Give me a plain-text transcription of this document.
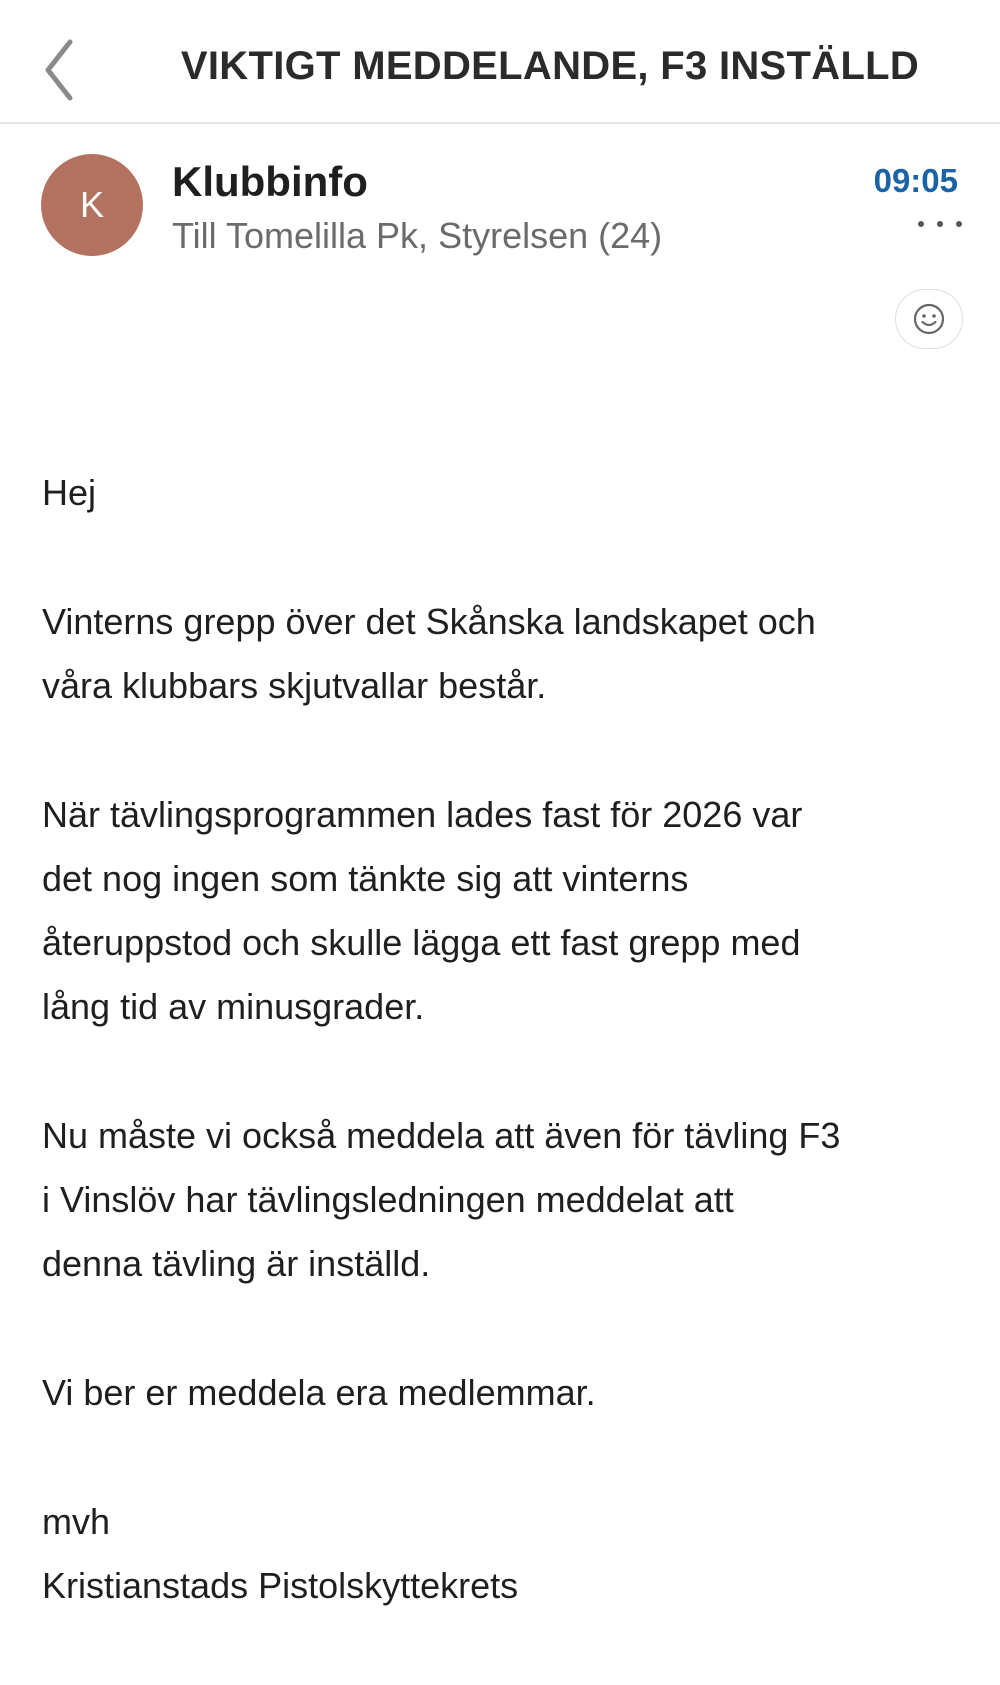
VIKTIGT MEDDELANDE, F3 INSTÄLLD
K Klubbinfo
Till Tomelilla Pk, Styrelsen (24)
09:05
Hej
Vinterns grepp över det Skånska landskapet och
våra klubbars skjutvallar består.
När tävlingsprogrammen lades fast för 2026 var
det nog ingen som tänkte sig att vinterns
återuppstod och skulle lägga ett fast grepp med
lång tid av minusgrader.
Nu måste vi också meddela att även för tävling F3
i Vinslöv har tävlingsledningen meddelat att
denna tävling är inställd.
Vi ber er meddela era medlemmar.
mvh
Kristianstads Pistolskyttekrets
